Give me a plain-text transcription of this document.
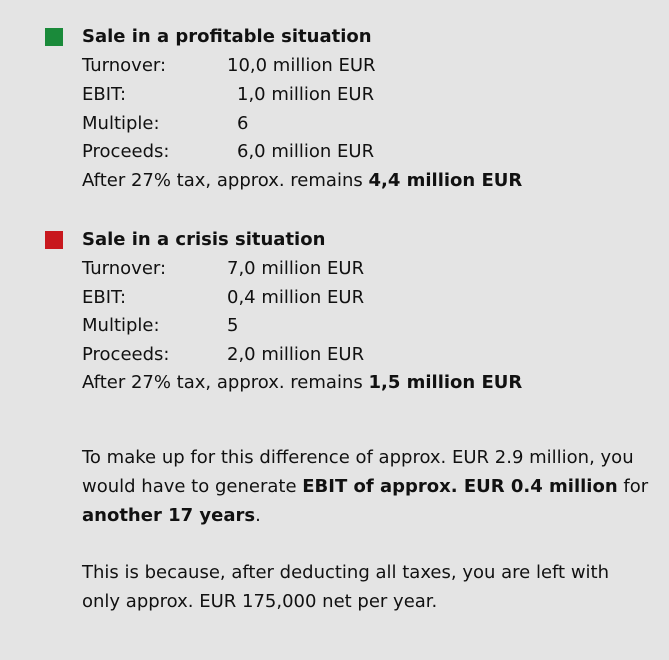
Sale in a profitable situation
Turnover:	10,0 million EUR
EBIT:	1,0 million EUR
Multiple:	6
Proceeds:	6,0 million EUR
After 27% tax, approx. remains 4,4 million EUR
Sale in a crisis situation
Turnover:	7,0 million EUR
EBIT:	0,4 million EUR
Multiple:	5
Proceeds:	2,0 million EUR
After 27% tax, approx. remains 1,5 million EUR
To make up for this difference of approx. EUR 2.9 million, you would have to generate EBIT of approx. EUR 0.4 million for another 17 years.
This is because, after deducting all taxes, you are left with only approx. EUR 175,000 net per year.
